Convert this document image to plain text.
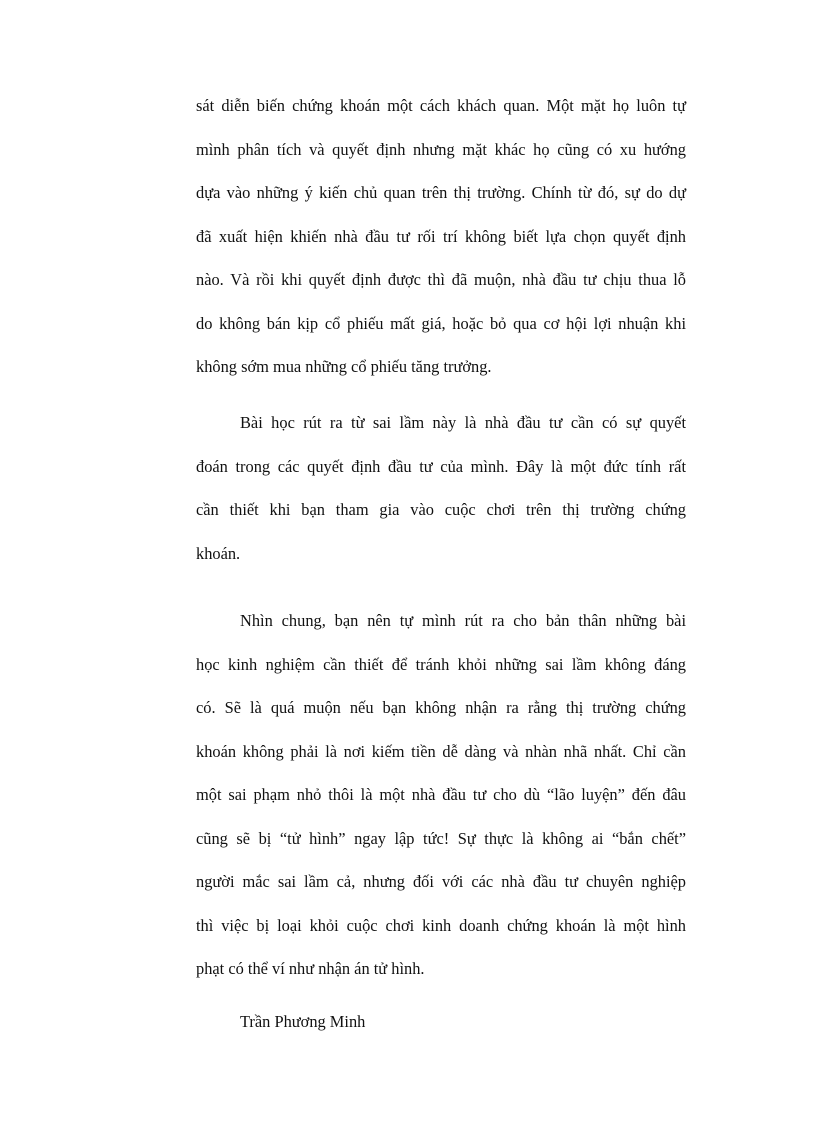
sát diễn biến chứng khoán một cách khách quan. Một mặt họ luôn tự
mình phân tích và quyết định nhưng mặt khác họ cũng có xu hướng
dựa vào những ý kiến chủ quan trên thị trường. Chính từ đó, sự do dự
đã xuất hiện khiến nhà đầu tư rối trí không biết lựa chọn quyết định
nào. Và rồi khi quyết định được thì đã muộn, nhà đầu tư chịu thua lỗ
do không bán kịp cổ phiếu mất giá, hoặc bỏ qua cơ hội lợi nhuận khi
không sớm mua những cổ phiếu tăng trưởng.

Bài học rút ra từ sai lầm này là nhà đầu tư cần có sự quyết
đoán trong các quyết định đầu tư của mình. Đây là một đức tính rất
cần thiết khi bạn tham gia vào cuộc chơi trên thị trường chứng
khoán.

Nhìn chung, bạn nên tự mình rút ra cho bản thân những bài
học kinh nghiệm cần thiết để tránh khỏi những sai lầm không đáng
có. Sẽ là quá muộn nếu bạn không nhận ra rằng thị trường chứng
khoán không phải là nơi kiếm tiền dễ dàng và nhàn nhã nhất. Chỉ cần
một sai phạm nhỏ thôi là một nhà đầu tư cho dù “lão luyện” đến đâu
cũng sẽ bị “tử hình” ngay lập tức! Sự thực là không ai “bắn chết”
người mắc sai lầm cả, nhưng đối với các nhà đầu tư chuyên nghiệp
thì việc bị loại khỏi cuộc chơi kinh doanh chứng khoán là một hình
phạt có thể ví như nhận án tử hình.

Trần Phương Minh
